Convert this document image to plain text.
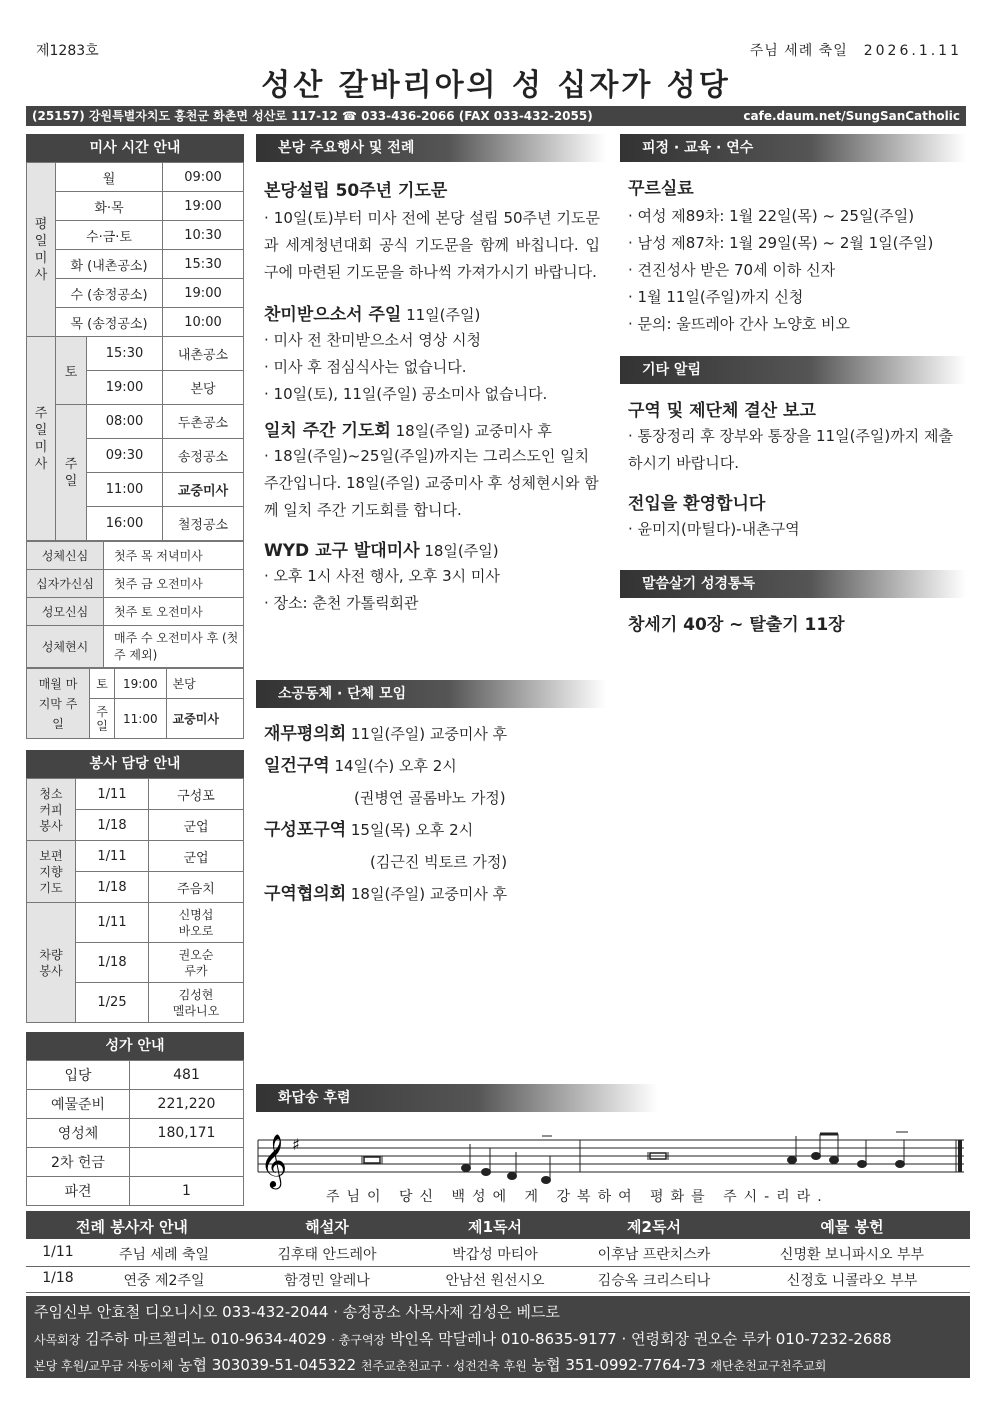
제1283호	주님 세례 축일 2026.1.11
성산 갈바리아의 성 십자가 성당
(25157) 강원특별자치도 홍천군 화촌면 성산로 117-12 ☎ 033-436-2066 (FAX 033-432-2055)	cafe.daum.net/SungSanCatholic
미사 시간 안내
평일미사	월		09:00
	화·목		19:00
	수·금·토		10:30
	화 (내촌공소)		15:30
	수 (송정공소)		19:00
	목 (송정공소)		10:00

주일미사	토	15:30	내촌공소
		19:00	본당

	주일	08:00	두촌공소
		09:30	송정공소
		11:00	교중미사
		16:00	철정공소
성체신심	첫주 목 저녁미사
십자가신심	첫주 금 오전미사
성모신심	첫주 토 오전미사
성체현시	매주 수 오전미사 후 (첫 주 제외)
매월 마지막 주일	토	19:00	본당

	주일	11:00	교중미사
봉사 담당 안내
청소 커피 봉사	1/11	구성포
	1/18	군업

보편 지향 기도	1/11	군업
	1/18	주음치

차량 봉사	1/11	신명섭 바오로

	1/18	권오순 루카

	1/25	김성현 멜라니오
성가 안내
입당	481
예물준비	221,220
영성체	180,171
2차 헌금	
파견	1
본당 주요행사 및 전례
본당설립 50주년 기도문

· 10일(토)부터 미사 전에 본당 설립 50주년 기도문과 세계청년대회 공식 기도문을 함께 바칩니다. 입구에 마련된 기도문을 하나씩 가져가시기 바랍니다.

찬미받으소서 주일 11일(주일)

· 미사 전 찬미받으소서 영상 시청

· 미사 후 점심식사는 없습니다.

· 10일(토), 11일(주일) 공소미사 없습니다.

일치 주간 기도회 18일(주일) 교중미사 후

· 18일(주일)~25일(주일)까지는 그리스도인 일치 주간입니다. 18일(주일) 교중미사 후 성체현시와 함께 일치 주간 기도회를 합니다.

WYD 교구 발대미사 18일(주일)

· 오후 1시 사전 행사, 오후 3시 미사

· 장소: 춘천 가톨릭회관

소공동체 · 단체 모임
재무평의회 11일(주일) 교중미사 후
일건구역 14일(수) 오후 2시
(권병연 골롬바노 가정)
구성포구역 15일(목) 오후 2시
(김근진 빅토르 가정)
구역협의회 18일(주일) 교중미사 후
피정 · 교육 · 연수
꾸르실료

· 여성 제89차: 1월 22일(목) ~ 25일(주일)

· 남성 제87차: 1월 29일(목) ~ 2월 1일(주일)

· 견진성사 받은 70세 이하 신자

· 1월 11일(주일)까지 신청

· 문의: 울뜨레아 간사 노양호 비오

기타 알림
구역 및 제단체 결산 보고

· 통장정리 후 장부와 통장을 11일(주일)까지 제출하시기 바랍니다.

전입을 환영합니다

· 윤미지(마틸다)-내촌구역

말씀살기 성경통독
창세기 40장 ~ 탈출기 11장
화답송 후렴
𝄞 ♯
주님이 당신 백성에 게 강복하여 평화를 주시-리라.
전례 봉사자 안내	해설자	제1독서	제2독서	예물 봉헌
1/11	주님 세례 축일	김후태 안드레아	박갑성 마티아	이후남 프란치스카	신명환 보니파시오 부부
1/18	연중 제2주일	함경민 알레나	안남선 원선시오	김승옥 크리스티나	신정호 니콜라오 부부
주임신부 안효철 디오니시오 033-432-2044 · 송정공소 사목사제 김성은 베드로
사목회장 김주하 마르첼리노 010-9634-4029 · 총구역장 박인옥 막달레나 010-8635-9177 · 연령회장 권오순 루카 010-7232-2688
본당 후원/교무금 자동이체 농협 303039-51-045322 천주교춘천교구 · 성전건축 후원 농협 351-0992-7764-73 재단춘천교구천주교회
